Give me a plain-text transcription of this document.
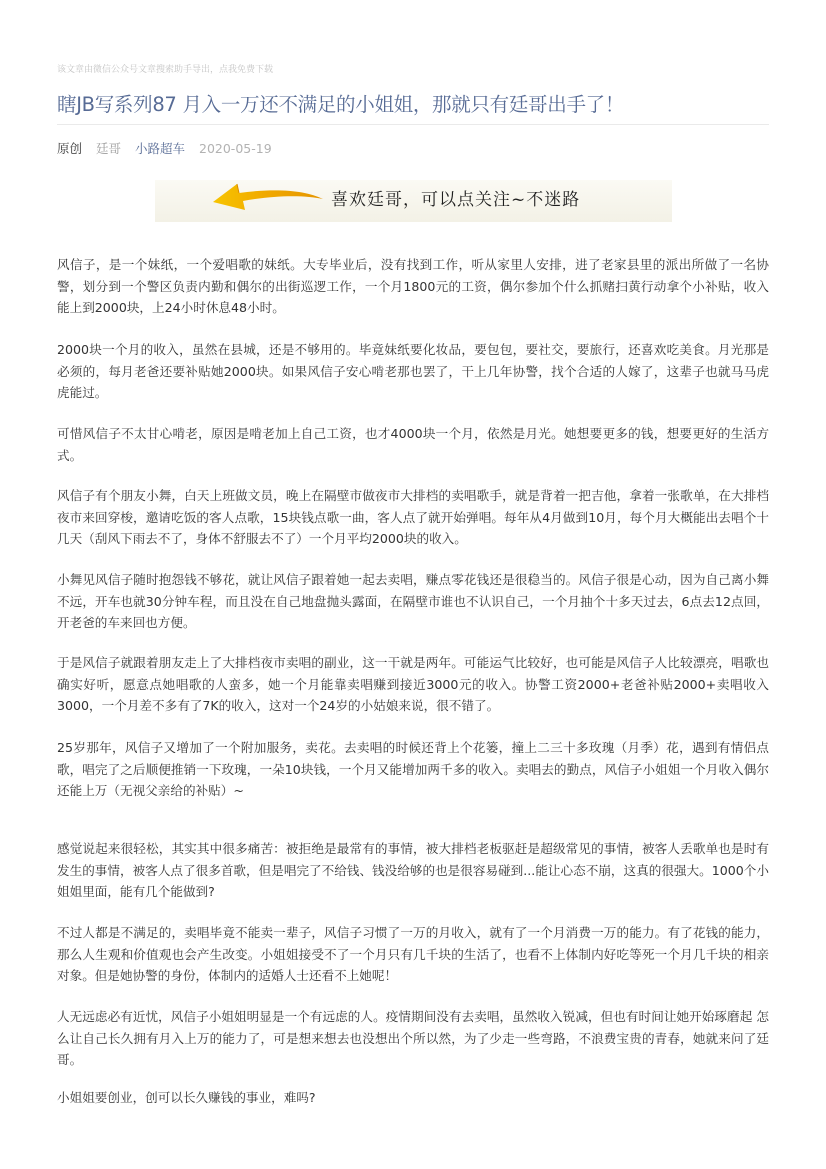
该文章由微信公众号文章搜索助手导出，点我免费下载
瞎JB写系列87 月入一万还不满足的小姐姐，那就只有廷哥出手了！
原创 廷哥 小路超车 2020-05-19
喜欢廷哥，可以点关注~不迷路

风信子，是一个妹纸，一个爱唱歌的妹纸。大专毕业后，没有找到工作，听从家里人安排，进了老家县里的派出所做了一名协警，划分到一个警区负责内勤和偶尔的出街巡逻工作，一个月1800元的工资，偶尔参加个什么抓赌扫黄行动拿个小补贴，收入能上到2000块，上24小时休息48小时。

2000块一个月的收入，虽然在县城，还是不够用的。毕竟妹纸要化妆品，要包包，要社交，要旅行，还喜欢吃美食。月光那是必须的，每月老爸还要补贴她2000块。如果风信子安心啃老那也罢了，干上几年协警，找个合适的人嫁了，这辈子也就马马虎虎能过。

可惜风信子不太甘心啃老，原因是啃老加上自己工资，也才4000块一个月，依然是月光。她想要更多的钱，想要更好的生活方式。

风信子有个朋友小舞，白天上班做文员，晚上在隔壁市做夜市大排档的卖唱歌手，就是背着一把吉他，拿着一张歌单，在大排档夜市来回穿梭，邀请吃饭的客人点歌，15块钱点歌一曲，客人点了就开始弹唱。每年从4月做到10月，每个月大概能出去唱个十几天（刮风下雨去不了，身体不舒服去不了）一个月平均2000块的收入。

小舞见风信子随时抱怨钱不够花，就让风信子跟着她一起去卖唱，赚点零花钱还是很稳当的。风信子很是心动，因为自己离小舞不远，开车也就30分钟车程，而且没在自己地盘抛头露面，在隔壁市谁也不认识自己，一个月抽个十多天过去，6点去12点回，开老爸的车来回也方便。

于是风信子就跟着朋友走上了大排档夜市卖唱的副业，这一干就是两年。可能运气比较好，也可能是风信子人比较漂亮，唱歌也确实好听，愿意点她唱歌的人蛮多，她一个月能靠卖唱赚到接近3000元的收入。协警工资2000+老爸补贴2000+卖唱收入3000，一个月差不多有了7K的收入，这对一个24岁的小姑娘来说，很不错了。

25岁那年，风信子又增加了一个附加服务，卖花。去卖唱的时候还背上个花篓，撞上二三十多玫瑰（月季）花，遇到有情侣点歌，唱完了之后顺便推销一下玫瑰，一朵10块钱，一个月又能增加两千多的收入。卖唱去的勤点，风信子小姐姐一个月收入偶尔还能上万（无视父亲给的补贴）~

感觉说起来很轻松，其实其中很多痛苦：被拒绝是最常有的事情，被大排档老板驱赶是超级常见的事情，被客人丢歌单也是时有发生的事情，被客人点了很多首歌，但是唱完了不给钱、钱没给够的也是很容易碰到...能让心态不崩，这真的很强大。1000个小姐姐里面，能有几个能做到?

不过人都是不满足的，卖唱毕竟不能卖一辈子，风信子习惯了一万的月收入，就有了一个月消费一万的能力。有了花钱的能力，那么人生观和价值观也会产生改变。小姐姐接受不了一个月只有几千块的生活了，也看不上体制内好吃等死一个月几千块的相亲对象。但是她协警的身份，体制内的适婚人士还看不上她呢！

人无远虑必有近忧，风信子小姐姐明显是一个有远虑的人。疫情期间没有去卖唱，虽然收入锐减，但也有时间让她开始琢磨起 怎么让自己长久拥有月入上万的能力了，可是想来想去也没想出个所以然，为了少走一些弯路，不浪费宝贵的青春，她就来问了廷哥。

小姐姐要创业，创可以长久赚钱的事业，难吗?
